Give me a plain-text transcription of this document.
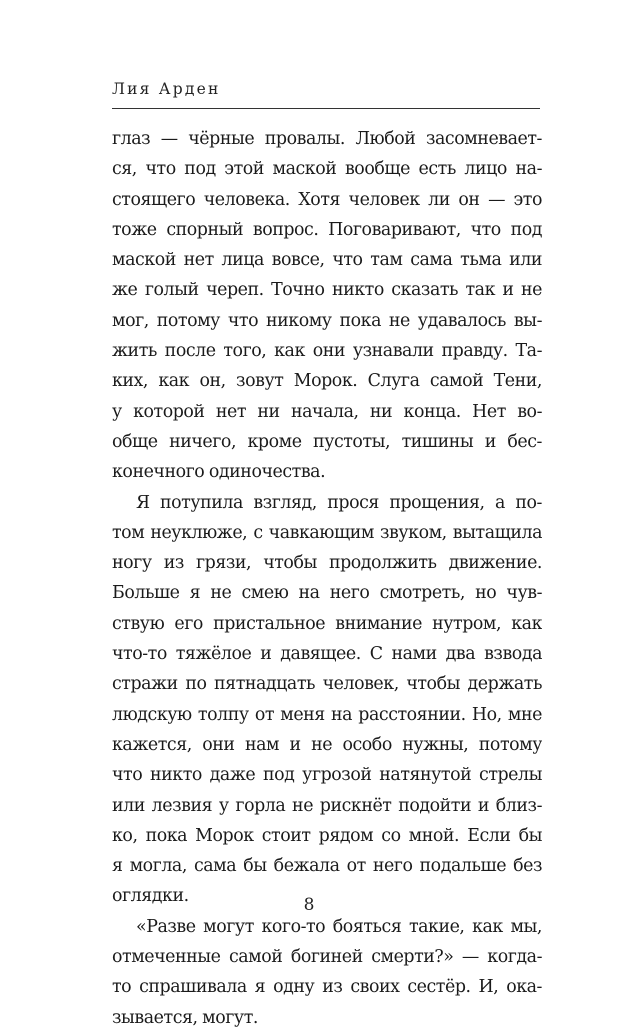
Лия Арден
глаз — чёрные провалы. Любой засомневает-
ся, что под этой маской вообще есть лицо на-
стоящего человека. Хотя человек ли он — это
тоже спорный вопрос. Поговаривают, что под
маской нет лица вовсе, что там сама тьма или
же голый череп. Точно никто сказать так и не
мог, потому что никому пока не удавалось вы-
жить после того, как они узнавали правду. Та-
ких, как он, зовут Морок. Слуга самой Тени,
у которой нет ни начала, ни конца. Нет во-
обще ничего, кроме пустоты, тишины и бес-
конечного одиночества.
Я потупила взгляд, прося прощения, а по-
том неуклюже, с чавкающим звуком, вытащила
ногу из грязи, чтобы продолжить движение.
Больше я не смею на него смотреть, но чув-
ствую его пристальное внимание нутром, как
что-то тяжёлое и давящее. С нами два взвода
стражи по пятнадцать человек, чтобы держать
людскую толпу от меня на расстоянии. Но, мне
кажется, они нам и не особо нужны, потому
что никто даже под угрозой натянутой стрелы
или лезвия у горла не рискнёт подойти и близ-
ко, пока Морок стоит рядом со мной. Если бы
я могла, сама бы бежала от него подальше без
оглядки.
«Разве могут кого-то бояться такие, как мы,
отмеченные самой богиней смерти?» — когда-
то спрашивала я одну из своих сестёр. И, ока-
зывается, могут.
8
